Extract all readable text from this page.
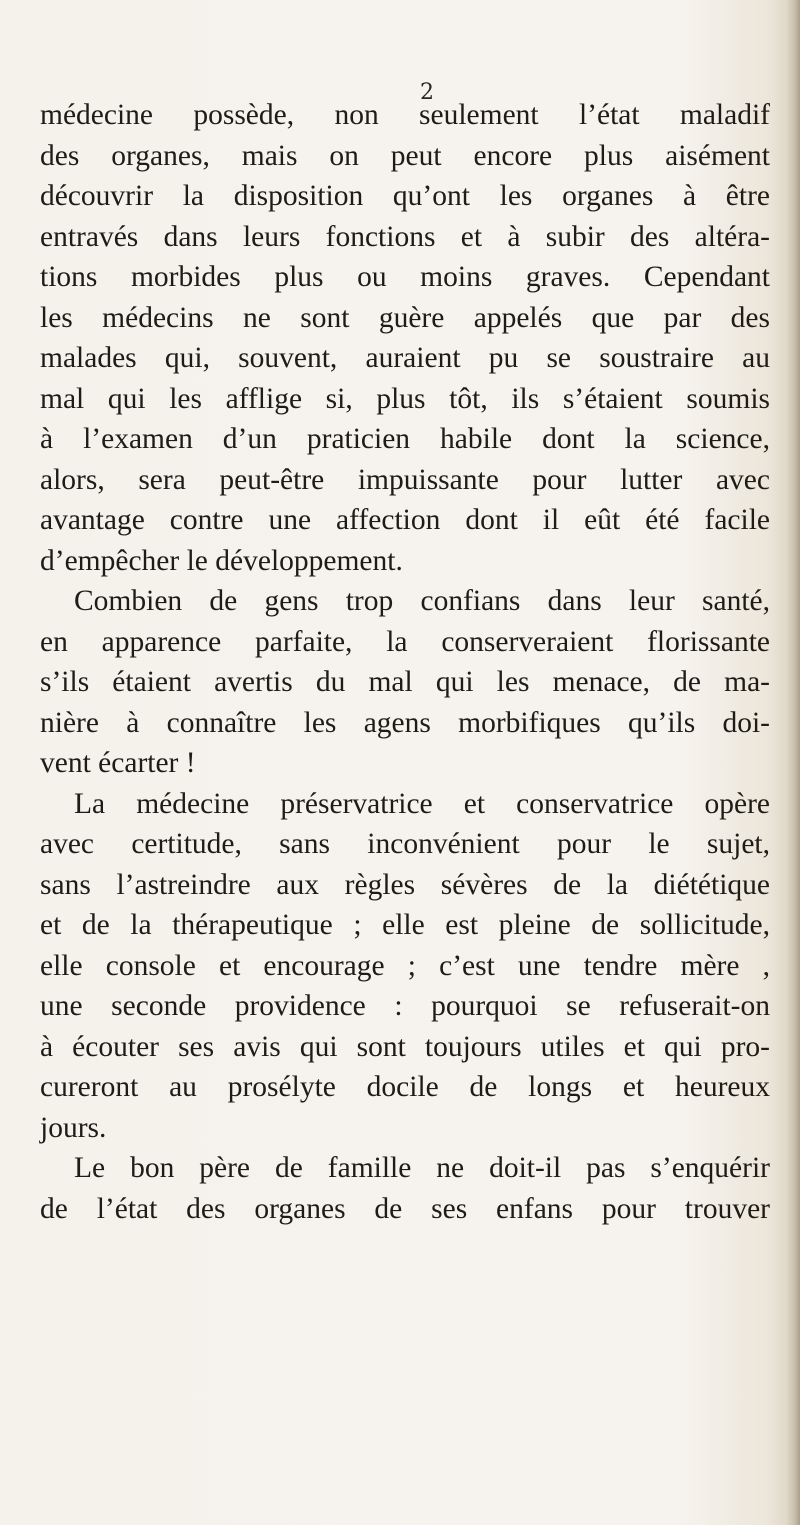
2
médecine possède, non seulement l’état maladif
des organes, mais on peut encore plus aisément
découvrir la disposition qu’ont les organes à être
entravés dans leurs fonctions et à subir des altéra-
tions morbides plus ou moins graves. Cependant
les médecins ne sont guère appelés que par des
malades qui, souvent, auraient pu se soustraire au
mal qui les afflige si, plus tôt, ils s’étaient soumis
à l’examen d’un praticien habile dont la science,
alors, sera peut-être impuissante pour lutter avec
avantage contre une affection dont il eût été facile
d’empêcher le développement.
Combien de gens trop confians dans leur santé,
en apparence parfaite, la conserveraient florissante
s’ils étaient avertis du mal qui les menace, de ma-
nière à connaître les agens morbifiques qu’ils doi-
vent écarter !
La médecine préservatrice et conservatrice opère
avec certitude, sans inconvénient pour le sujet,
sans l’astreindre aux règles sévères de la diététique
et de la thérapeutique ; elle est pleine de sollicitude,
elle console et encourage ; c’est une tendre mère ,
une seconde providence : pourquoi se refuserait-on
à écouter ses avis qui sont toujours utiles et qui pro-
cureront au prosélyte docile de longs et heureux
jours.
Le bon père de famille ne doit-il pas s’enquérir
de l’état des organes de ses enfans pour trouver
